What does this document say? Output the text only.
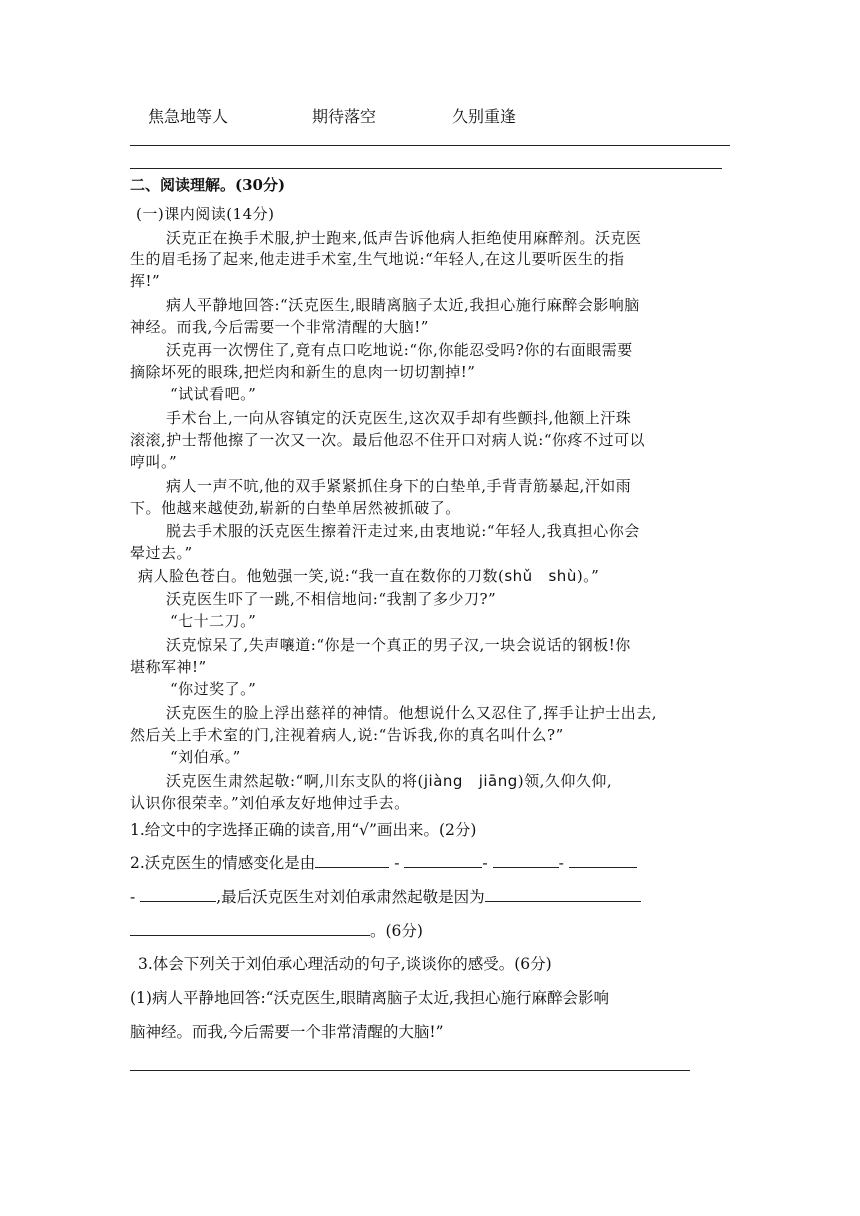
焦急地等人	期待落空	久别重逢
二、阅读理解。(30分)
(一)课内阅读(14分)
沃克正在换手术服,护士跑来,低声告诉他病人拒绝使用麻醉剂。沃克医
生的眉毛扬了起来,他走进手术室,生气地说:“年轻人,在这儿要听医生的指
挥!”
病人平静地回答:“沃克医生,眼睛离脑子太近,我担心施行麻醉会影响脑
神经。而我,今后需要一个非常清醒的大脑!”
沃克再一次愣住了,竟有点口吃地说:“你,你能忍受吗?你的右面眼需要
摘除坏死的眼珠,把烂肉和新生的息肉一切切割掉!”
“试试看吧。”
手术台上,一向从容镇定的沃克医生,这次双手却有些颤抖,他额上汗珠
滚滚,护士帮他擦了一次又一次。最后他忍不住开口对病人说:“你疼不过可以
哼叫。”
病人一声不吭,他的双手紧紧抓住身下的白垫单,手背青筋暴起,汗如雨
下。他越来越使劲,崭新的白垫单居然被抓破了。
脱去手术服的沃克医生擦着汗走过来,由衷地说:“年轻人,我真担心你会
晕过去。”
病人脸色苍白。他勉强一笑,说:“我一直在数你的刀数(shǔ   shù)。”
沃克医生吓了一跳,不相信地问:“我割了多少刀?”
“七十二刀。”
沃克惊呆了,失声嚷道:“你是一个真正的男子汉,一块会说话的钢板!你
堪称军神!”
“你过奖了。”
沃克医生的脸上浮出慈祥的神情。他想说什么又忍住了,挥手让护士出去,
然后关上手术室的门,注视着病人,说:“告诉我,你的真名叫什么?”
“刘伯承。”
沃克医生肃然起敬:“啊,川东支队的将(jiàng   jiāng)领,久仰久仰,
认识你很荣幸。”刘伯承友好地伸过手去。
1.给文中的字选择正确的读音,用“√”画出来。(2分)
2.沃克医生的情感变化是由	-	-	-
-	,最后沃克医生对刘伯承肃然起敬是因为
。(6分)
3.体会下列关于刘伯承心理活动的句子,谈谈你的感受。(6分)
(1)病人平静地回答:“沃克医生,眼睛离脑子太近,我担心施行麻醉会影响
脑神经。而我,今后需要一个非常清醒的大脑!”
